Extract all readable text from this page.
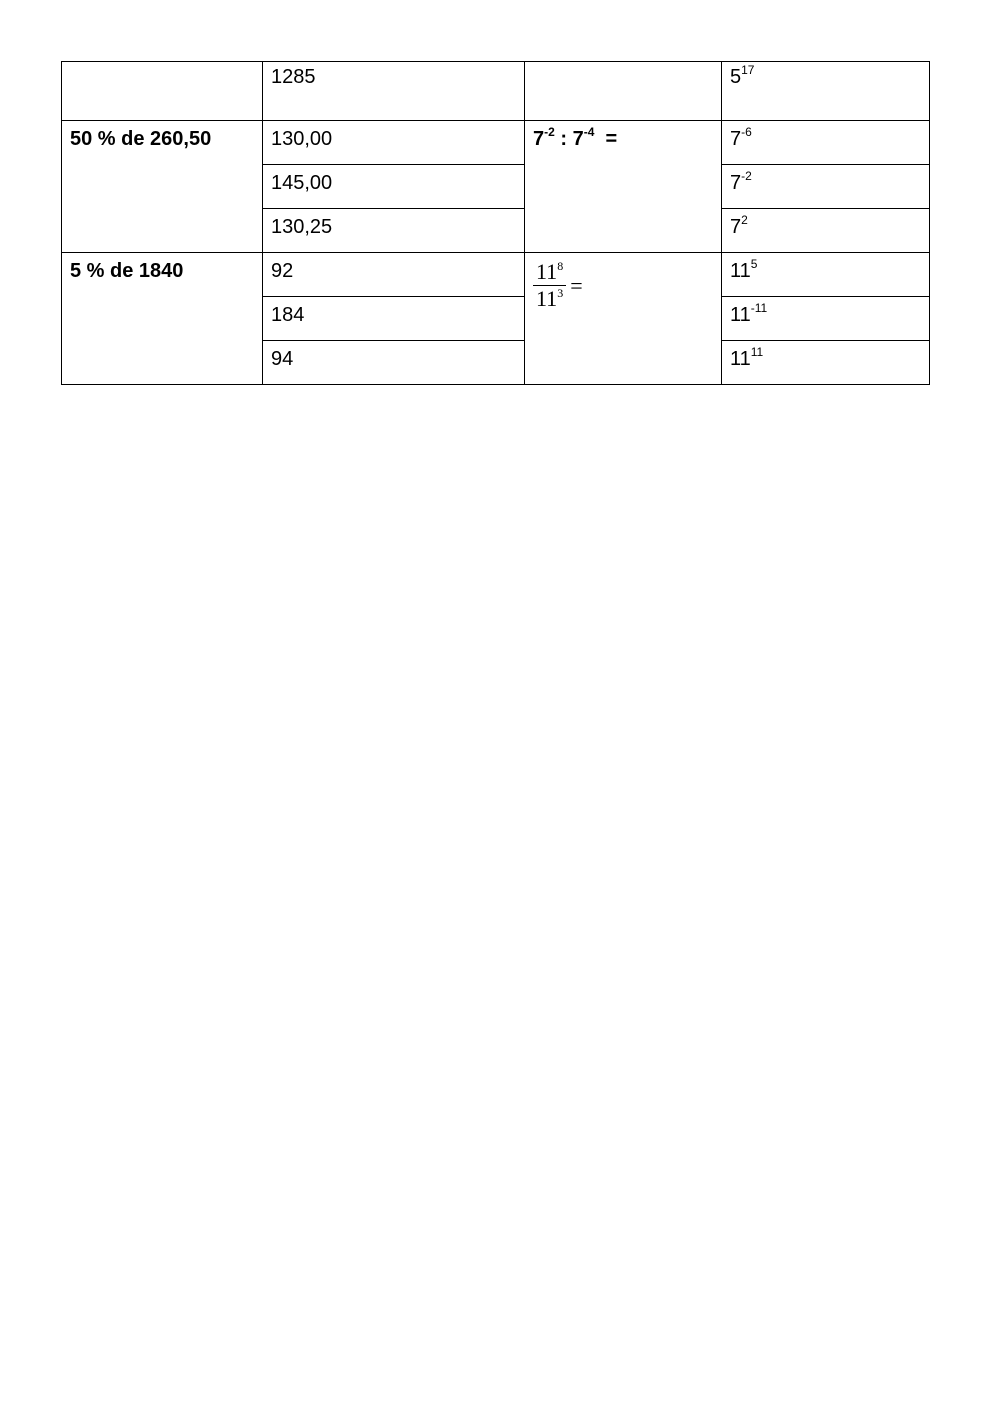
	1285		$5^{17}$
50 % de 260,50	130,00	$7^{-2}$ : $7^{-4}$  =	$7^{-6}$
	145,00		$7^{-2}$
	130,25		$7^2$
5 % de 1840	92	$\frac{11^8}{11^3}$ =	$11^5$
	184		$11^{-11}$
	94		$11^{11}$
